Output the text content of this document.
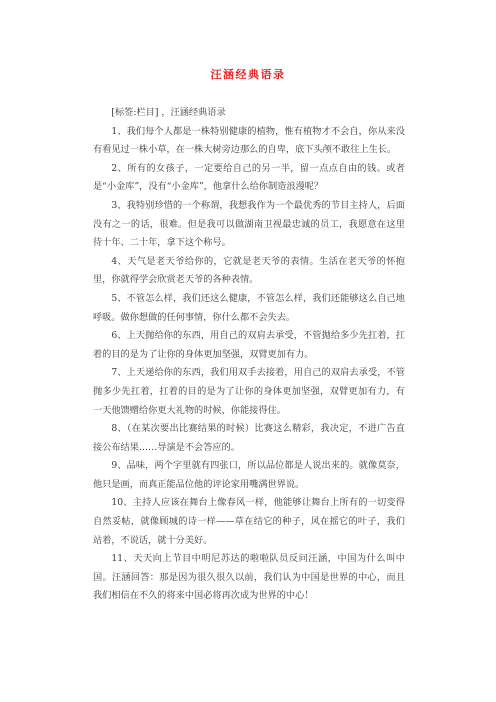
汪涵经典语录

[标签:栏目] ，汪涵经典语录

1、我们每个人都是一株特别健康的植物，惟有植物才不会自，你从来没有看见过一株小草，在一株大树旁边那么的自卑，底下头颅不敢往上生长。

2、所有的女孩子，一定要给自己的另一半，留一点点自由的钱。或者是“小金库”，没有“小金库”，他拿什么给你制造浪漫呢？

3、我特别珍惜的一个称谓，我想我作为一个最优秀的节目主持人，后面没有之一的话，很难。但是我可以做湖南卫视最忠诚的员工，我愿意在这里待十年、二十年，拿下这个称号。

4、天气是老天爷给你的，它就是老天爷的表情。生活在老天爷的怀抱里，你就得学会欣赏老天爷的各种表情。

5、不管怎么样，我们还这么健康，不管怎么样，我们还能够这么自己地呼吸。做你想做的任何事情，你什么都不会失去。

6、上天抛给你的东西，用自己的双肩去承受，不管抛给多少先扛着，扛着的目的是为了让你的身体更加坚强，双臂更加有力。

7、上天递给你的东西，我们用双手去接着，用自己的双肩去承受，不管抛多少先扛着，扛着的目的是为了让你的身体更加坚强，双臂更加有力，有一天他馈赠给你更大礼物的时候，你能接得住。

8、（在某次要出比赛结果的时候）比赛这么精彩，我决定，不进广告直接公布结果……导演是不会答应的。

9、品味，两个字里就有四张口，所以品位都是人说出来的。就像莫奈，他只是画，而真正能品位他的评论家用嘴满世界说。

10、主持人应该在舞台上像春风一样，他能够让舞台上所有的一切变得自然妥帖，就像顾城的诗一样——草在结它的种子，风在摇它的叶子，我们站着，不说话，就十分美好。

11、天天向上节目中明尼苏达的啦啦队员反问汪涵，中国为什么叫中国。汪涵回答：那是因为很久很久以前，我们认为中国是世界的中心，而且我们相信在不久的将来中国必将再次成为世界的中心！
